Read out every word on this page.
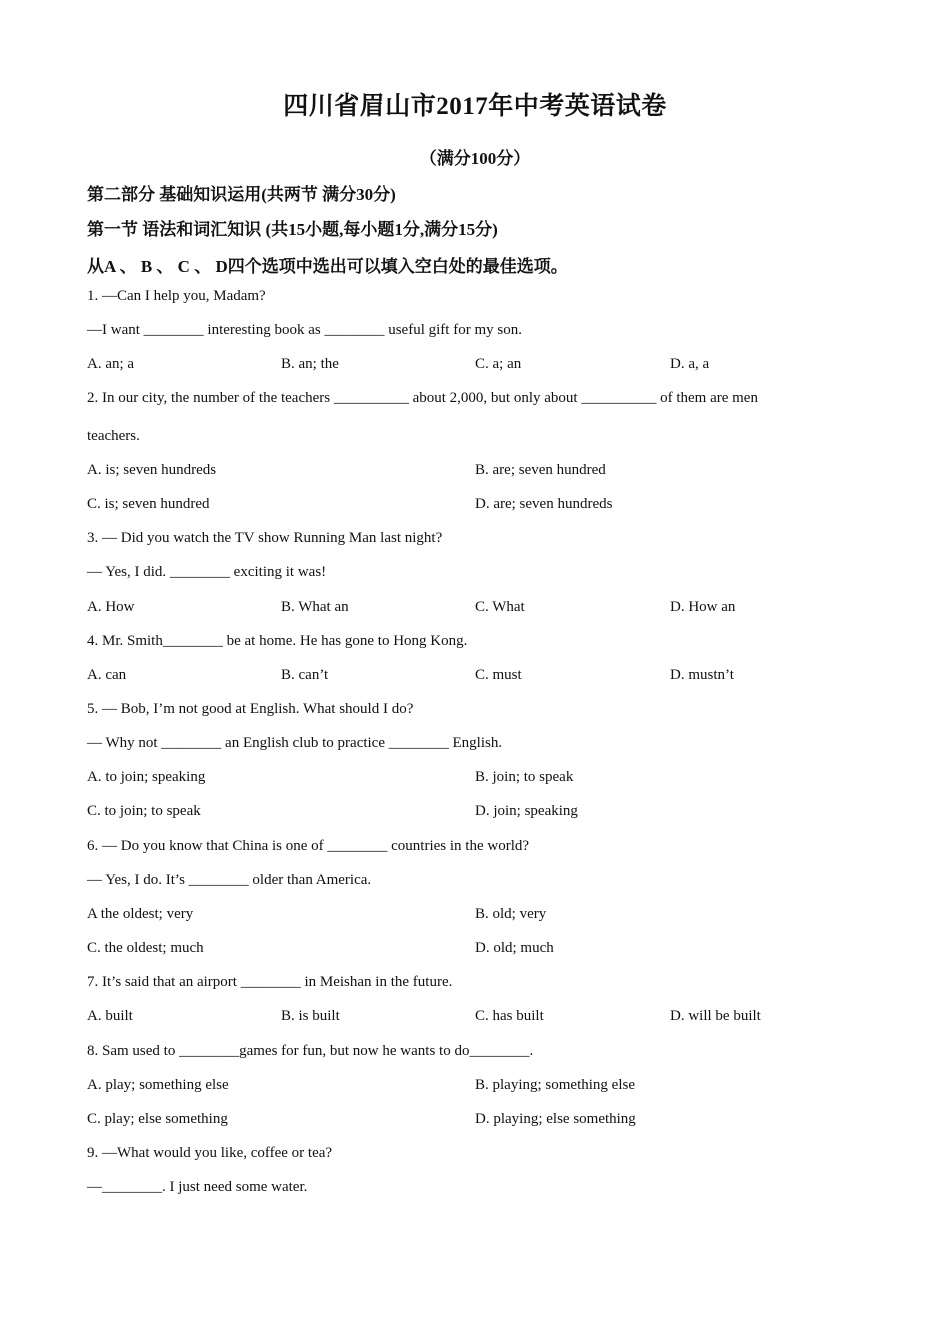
四川省眉山市2017年中考英语试卷
（满分100分）
第二部分 基础知识运用(共两节 满分30分)
第一节 语法和词汇知识 (共15小题,每小题1分,满分15分)
从A 、 B 、 C 、 D四个选项中选出可以填入空白处的最佳选项。
1. —Can I help you, Madam?
—I want ________ interesting book as ________ useful gift for my son.
A. an; a	B. an; the	C. a; an	D. a, a
2. In our city, the number of the teachers __________ about 2,000, but only about __________ of them are men
teachers.
A. is; seven hundreds	B. are; seven hundred
C. is; seven hundred	D. are; seven hundreds
3. — Did you watch the TV show Running Man last night?
— Yes, I did. ________ exciting it was!
A. How	B. What an	C. What	D. How an
4. Mr. Smith________ be at home. He has gone to Hong Kong.
A. can	B. can’t	C. must	D. mustn’t
5. — Bob, I’m not good at English. What should I do?
— Why not ________ an English club to practice ________ English.
A. to join; speaking	B. join; to speak
C. to join; to speak	D. join; speaking
6. — Do you know that China is one of ________ countries in the world?
— Yes, I do. It’s ________ older than America.
A the oldest; very	B. old; very
C. the oldest; much	D. old; much
7. It’s said that an airport ________ in Meishan in the future.
A. built	B. is built	C. has built	D. will be built
8. Sam used to ________games for fun, but now he wants to do________.
A. play; something else	B. playing; something else
C. play; else something	D. playing; else something
9. —What would you like, coffee or tea?
—________. I just need some water.
